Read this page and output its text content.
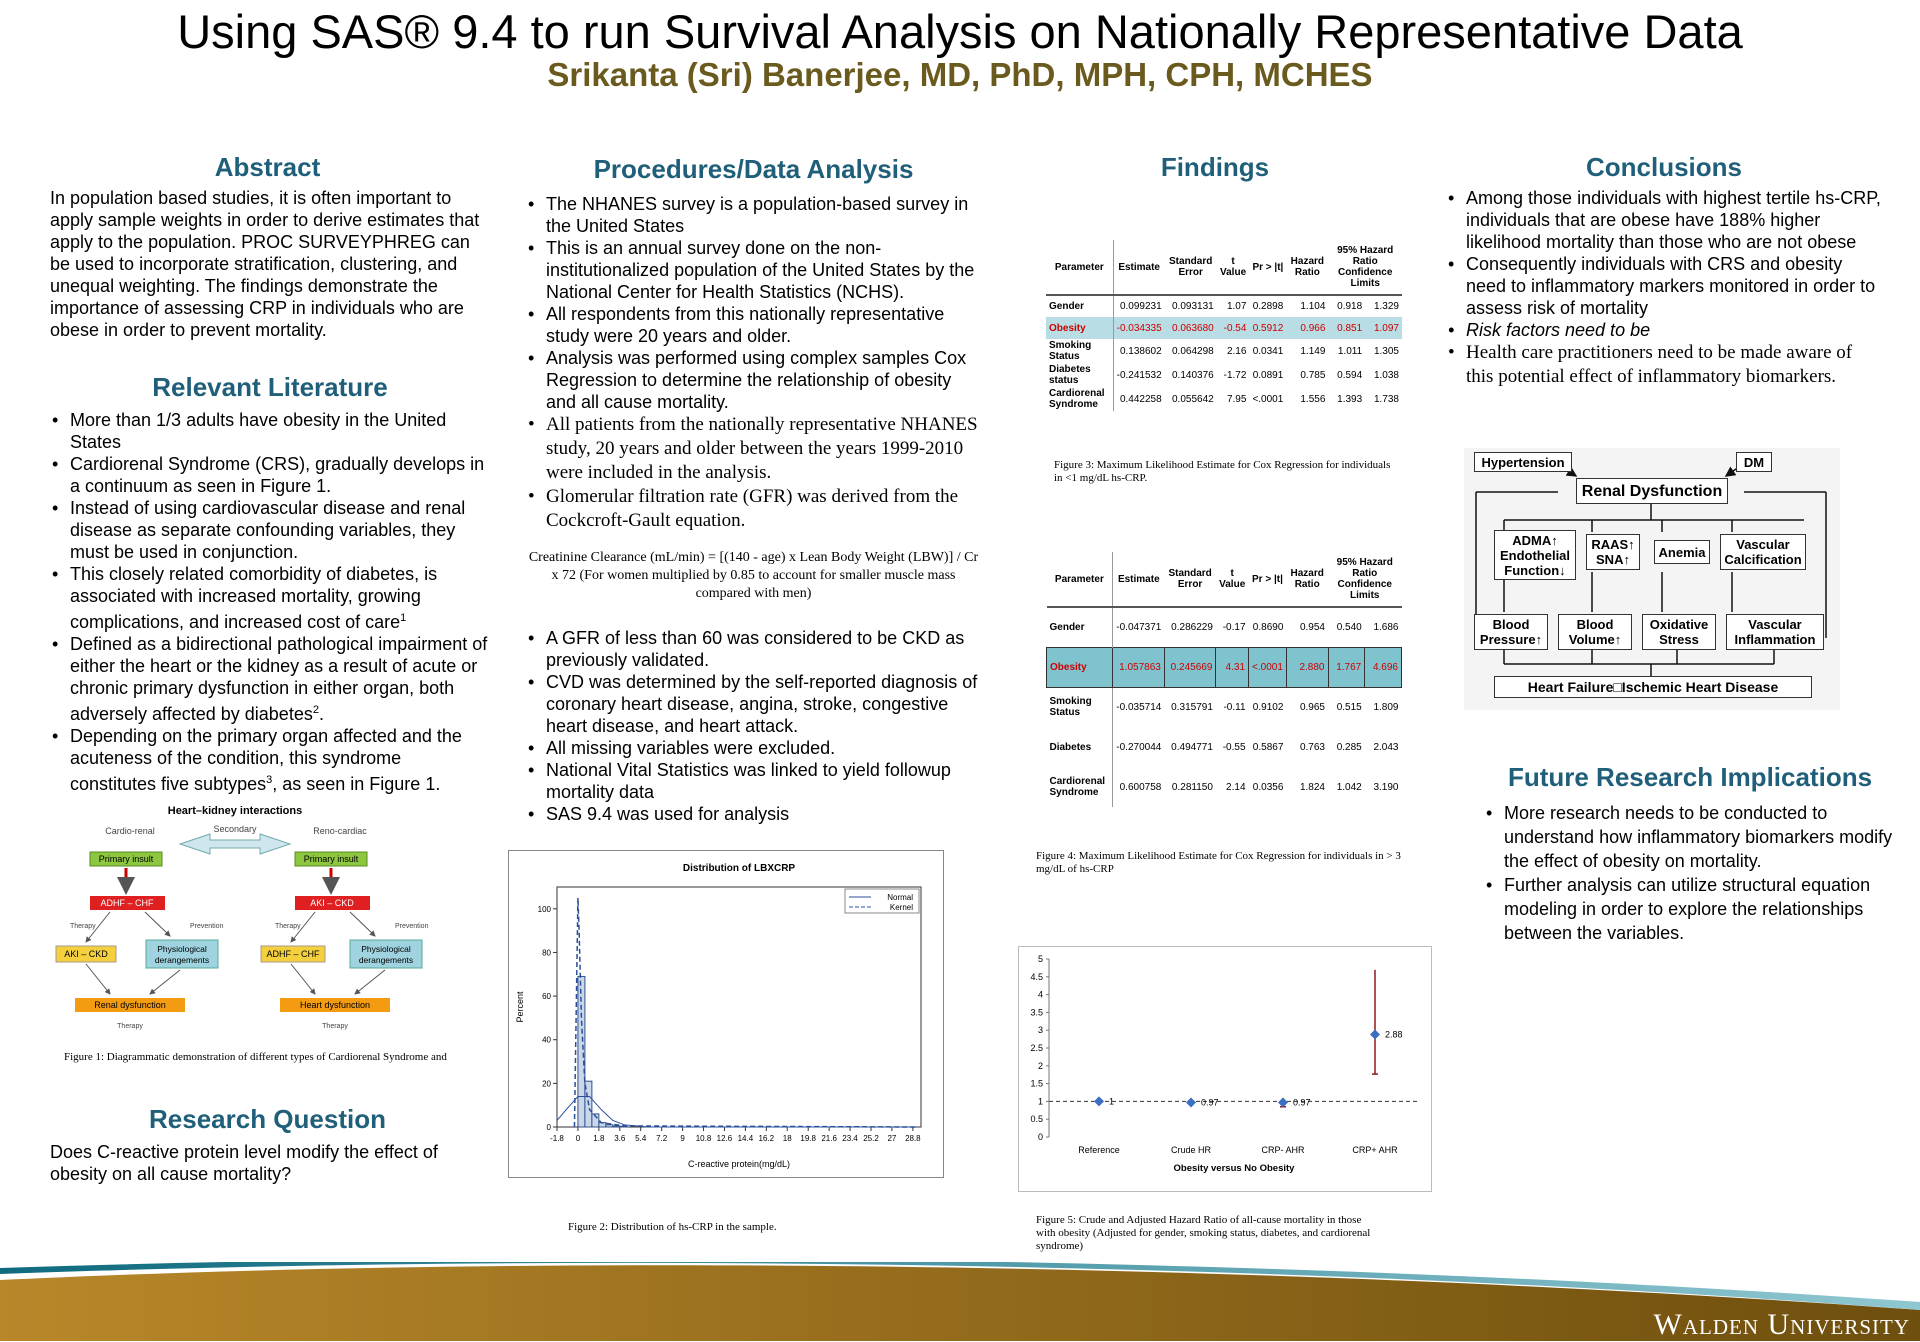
Using SAS® 9.4 to run Survival Analysis on Nationally Representative Data
Srikanta (Sri) Banerjee, MD, PhD, MPH, CPH, MCHES
Abstract
In population based studies, it is often important to apply sample weights in order to derive estimates that apply to the population. PROC SURVEYPHREG can be used to incorporate stratification, clustering, and unequal weighting. The findings demonstrate the importance of assessing CRP in individuals who are obese in order to prevent mortality.
Relevant Literature
• More than 1/3 adults have obesity in the United States
• Cardiorenal Syndrome (CRS), gradually develops in a continuum as seen in Figure 1.
• Instead of using cardiovascular disease and renal disease as separate confounding variables, they must be used in conjunction.
• This closely related comorbidity of diabetes, is associated with increased mortality, growing complications, and increased cost of care$^1$
• Defined as a bidirectional pathological impairment of either the heart or the kidney as a result of acute or chronic primary dysfunction in either organ, both adversely affected by diabetes$^2$.
• Depending on the primary organ affected and the acuteness of the condition, this syndrome constitutes five subtypes$^3$, as seen in Figure 1.
Heart–kidney interactions
Secondary
Cardio-renal	Reno-cardiac
Primary insult
ADHF – CHF
AKI – CKD	Physiological
derangements
Renal dysfunction
Primary insult
AKI – CKD
ADHF – CHF	Physiological
derangements
Heart dysfunction
Therapy	Prevention	Therapy	Prevention
Therapy	Therapy
Figure 1: Diagrammatic demonstration of different types of Cardiorenal Syndrome and
Research Question
Does C-reactive protein level modify the effect of obesity on all cause mortality?
Procedures/Data Analysis
• The NHANES survey is a population-based survey in the United States
• This is an annual survey done on the non-institutionalized population of the United States by the National Center for Health Statistics (NCHS).
• All respondents from this nationally representative study were 20 years and older.
• Analysis was performed using complex samples Cox Regression to determine the relationship of obesity and all cause mortality.
• All patients from the nationally representative NHANES study, 20 years and older between the years 1999-2010 were included in the analysis.
• Glomerular filtration rate (GFR) was derived from the Cockcroft-Gault equation.
Creatinine Clearance (mL/min) = [(140 - age) x Lean Body Weight (LBW)] / Cr x 72 (For women multiplied by 0.85 to account for smaller muscle mass compared with men)
• A GFR of less than 60 was considered to be CKD as previously validated.
• CVD was determined by the self-reported diagnosis of coronary heart disease, angina, stroke, congestive heart disease, and heart attack.
• All missing variables were excluded.
• National Vital Statistics was linked to yield followup mortality data
• SAS 9.4 was used for analysis
Distribution of LBXCRP
C-reactive protein(mg/dL)
Percent
0
20
40
60
80
100
-1.8 0 1.8 3.6 5.4 7.2 9 10.8 12.6 14.4 16.2 18 19.8 21.6 23.4 25.2 27 28.8
Normal
Kernel
Figure 2: Distribution of hs-CRP in the sample.
Findings
Parameter	Estimate	Standard Error	t Value	Pr > |t|	Hazard Ratio	95% Hazard Ratio Confidence Limits	
Gender	0.099231	0.093131	1.07	0.2898	1.104	0.918	1.329
Obesity	-0.034335	0.063680	-0.54	0.5912	0.966	0.851	1.097
Smoking Status	0.138602	0.064298	2.16	0.0341	1.149	1.011	1.305
Diabetes status	-0.241532	0.140376	-1.72	0.0891	0.785	0.594	1.038
Cardiorenal Syndrome	0.442258	0.055642	7.95	<.0001	1.556	1.393	1.738
Figure 3: Maximum Likelihood Estimate for Cox Regression for individuals in <1 mg/dL hs-CRP.
Parameter	Estimate	Standard Error	t Value	Pr > |t|	Hazard Ratio	95% Hazard Ratio Confidence Limits	
Gender	-0.047371	0.286229	-0.17	0.8690	0.954	0.540	1.686
Obesity	1.057863	0.245669	4.31	<.0001	2.880	1.767	4.696
Smoking Status	-0.035714	0.315791	-0.11	0.9102	0.965	0.515	1.809
Diabetes	-0.270044	0.494771	-0.55	0.5867	0.763	0.285	2.043
Cardiorenal Syndrome	0.600758	0.281150	2.14	0.0356	1.824	1.042	3.190
Figure 4: Maximum Likelihood Estimate for Cox Regression for individuals in > 3 mg/dL of hs-CRP
0
0.5
1
1.5
2
2.5
3
3.5
4
4.5
5
1
Reference
0.97
Crude HR
0.97
CRP- AHR
2.88
CRP+ AHR
Obesity versus No Obesity
Figure 5: Crude and Adjusted Hazard Ratio of all-cause mortality in those with obesity (Adjusted for gender, smoking status, diabetes, and cardiorenal syndrome)
Conclusions
• Among those individuals with highest tertile hs-CRP, individuals that are obese have 188% higher likelihood mortality than those who are not obese
• Consequently individuals with CRS and obesity need to inflammatory markers monitored in order to assess risk of mortality
• Risk factors need to be
• Health care practitioners need to be made aware of this potential effect of inflammatory biomarkers.
Hypertension	DM
Renal Dysfunction
ADMA↑ Endothelial Function↓
RAAS↑ SNA↑	Anemia	Vascular Calcification
Blood Pressure↑
Blood Volume↑
Oxidative Stress
Vascular Inflammation
Heart Failure□Ischemic Heart Disease
Future Research Implications
• More research needs to be conducted to understand how inflammatory biomarkers modify the effect of obesity on mortality.
• Further analysis can utilize structural equation modeling in order to explore the relationships between the variables.
Walden University
